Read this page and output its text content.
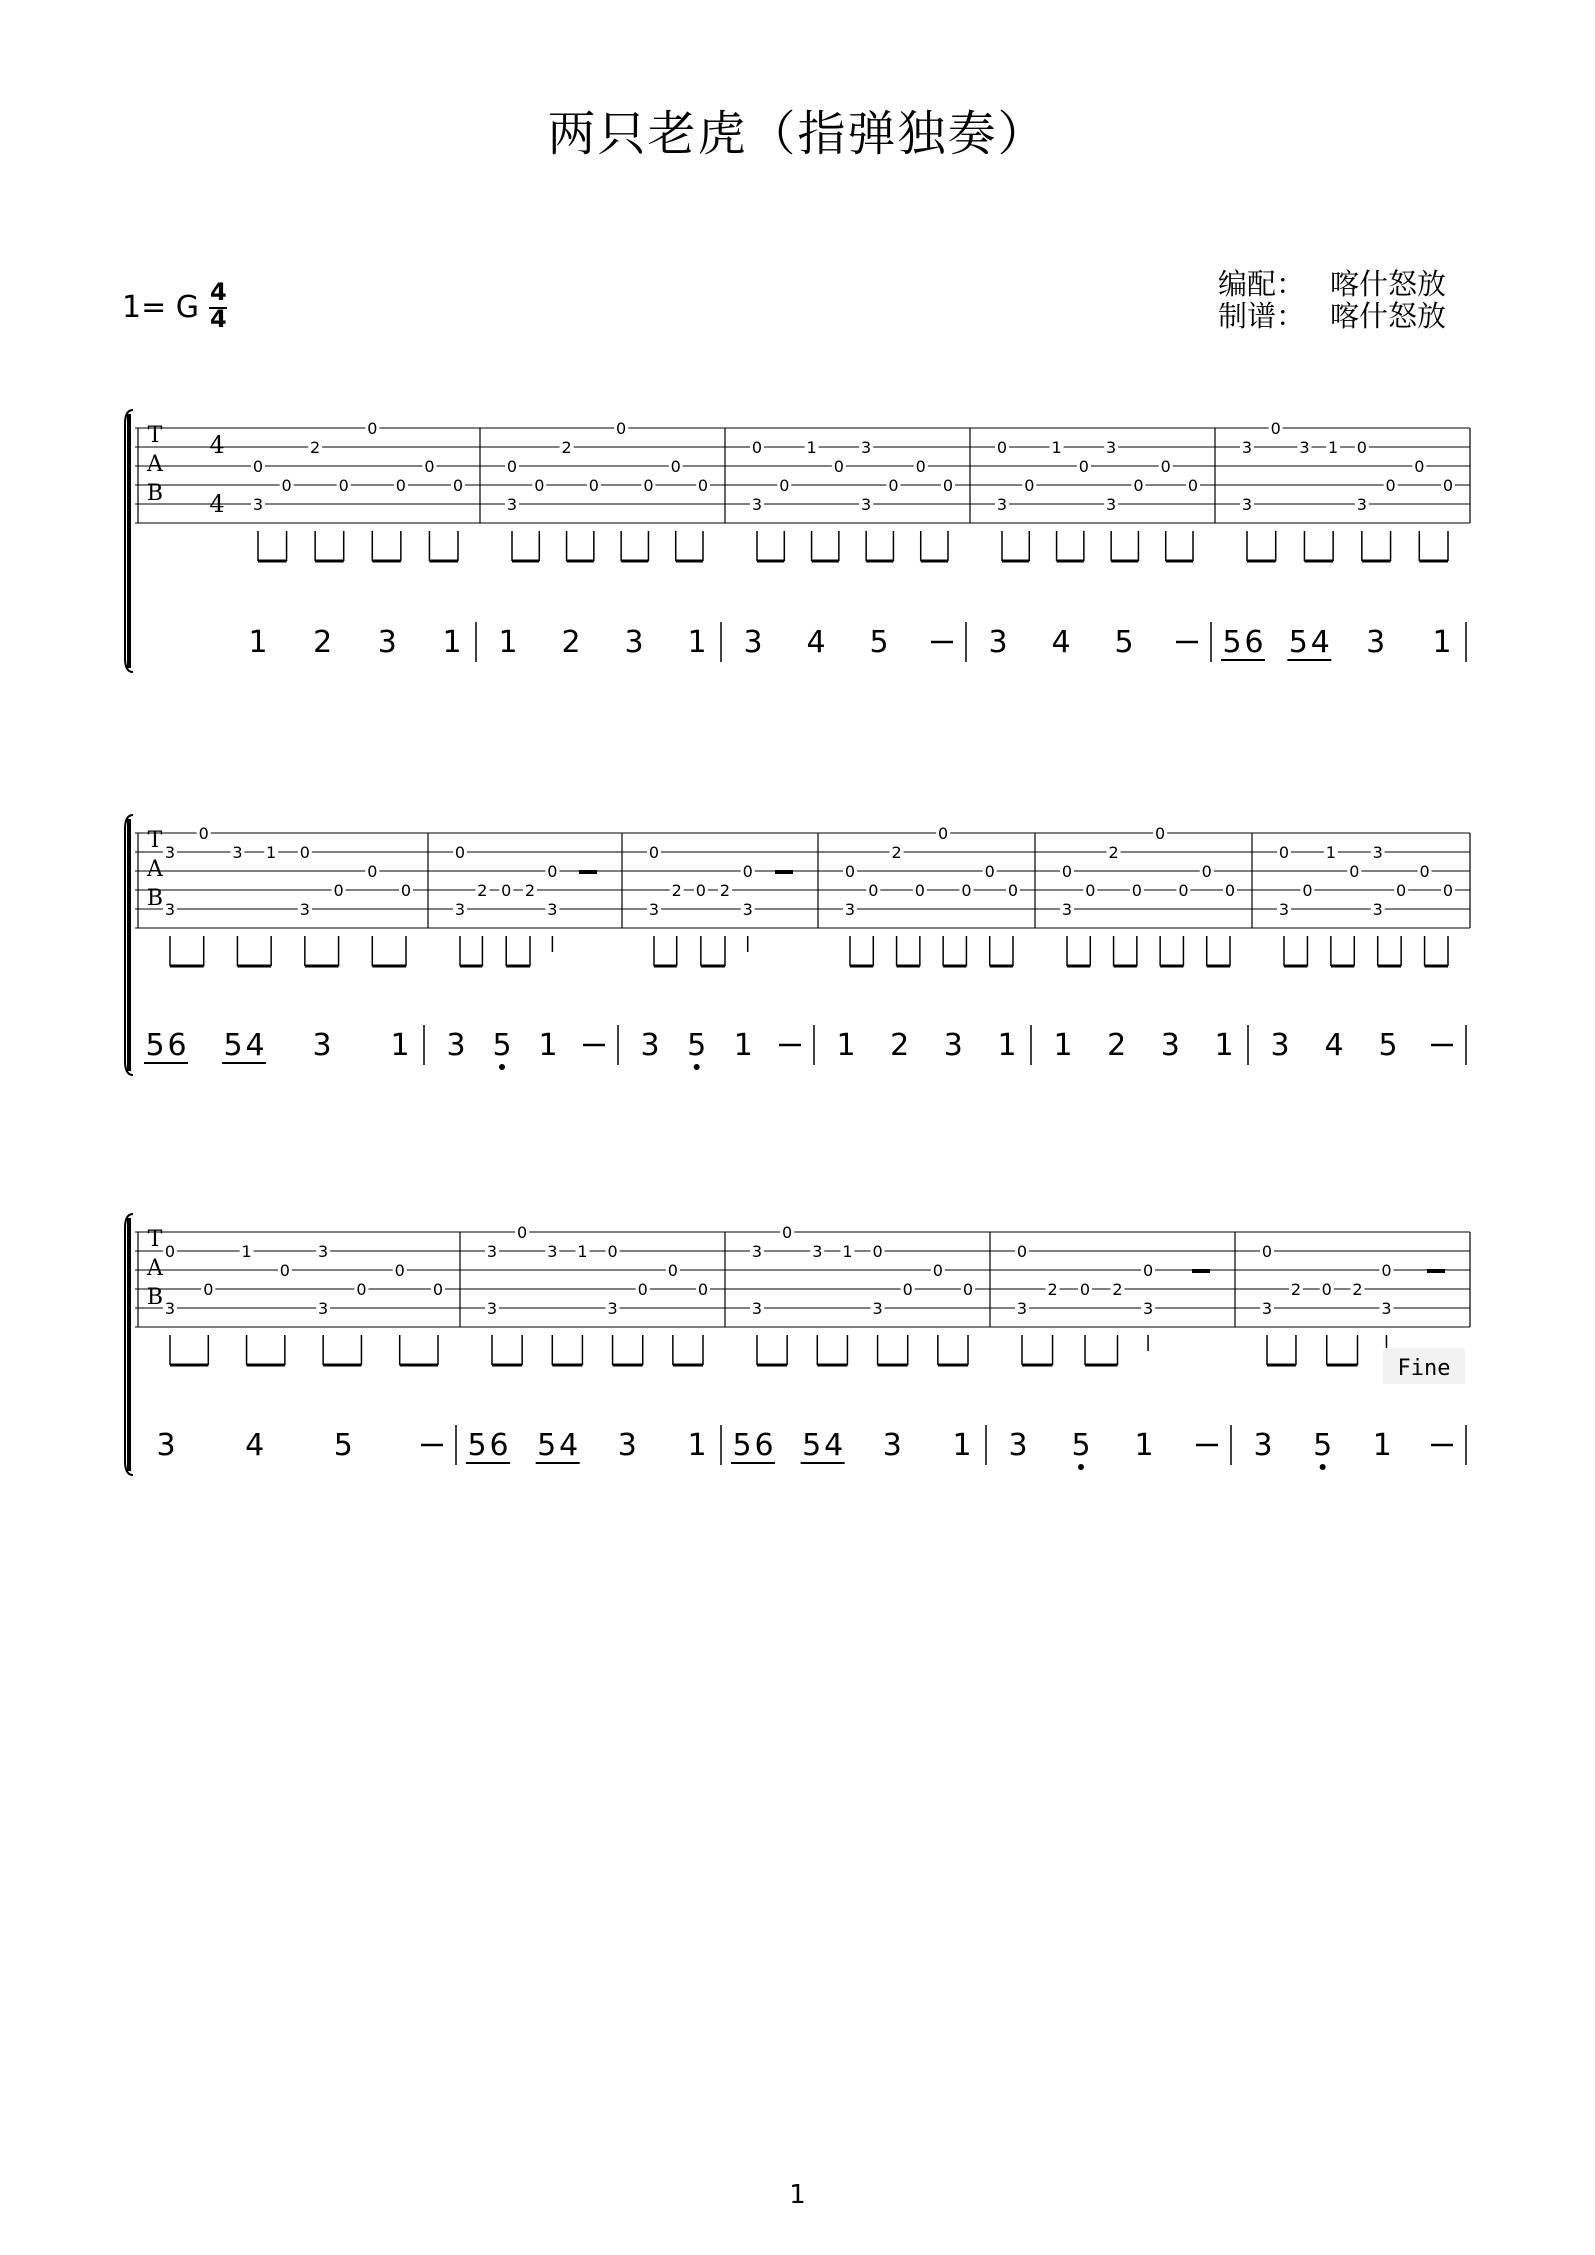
两只老虎（指弹独奏）
1= G 4
4
编配： 喀什怒放
制谱： 喀什怒放
0
3
0
2
0
0
0
0
0
1 2 3 1
0
3
0
2
0
0
0
0
0
1 2 3 1
0
3
0
1
0
3
3
0
0
0
3 4 5
0
3
0
1
0
3
3
0
0
0
3 4 5
3
3
0
3 1 0
3
0
0
0
5 6 5 4 3 1
T
A
B
4
4
3
3
0
3 1 0
3
0
0
0
5 6 5 4 3 1
0
3
2 0 2
0
3
3 5 1
0
3
2 0 2
0
3
3 5 1
0
3
0
2
0
0
0
0
0
1 2 3 1
0
3
0
2
0
0
0
0
0
1 2 3 1
0
3
0
1
0
3
3
0
0
0
3 4 5
T
A
B
0
3
0
1
0
3
3
0
0
0
3 4 5
3
3
0
3 1 0
3
0
0
0
5 6 5 4 3 1
3
3
0
3 1 0
3
0
0
0
5 6 5 4 3 1
0
3
2 0 2
0
3
3 5 1
0
3
2 0 2
0
3
3 5 1
T
A
B
Fine
1
